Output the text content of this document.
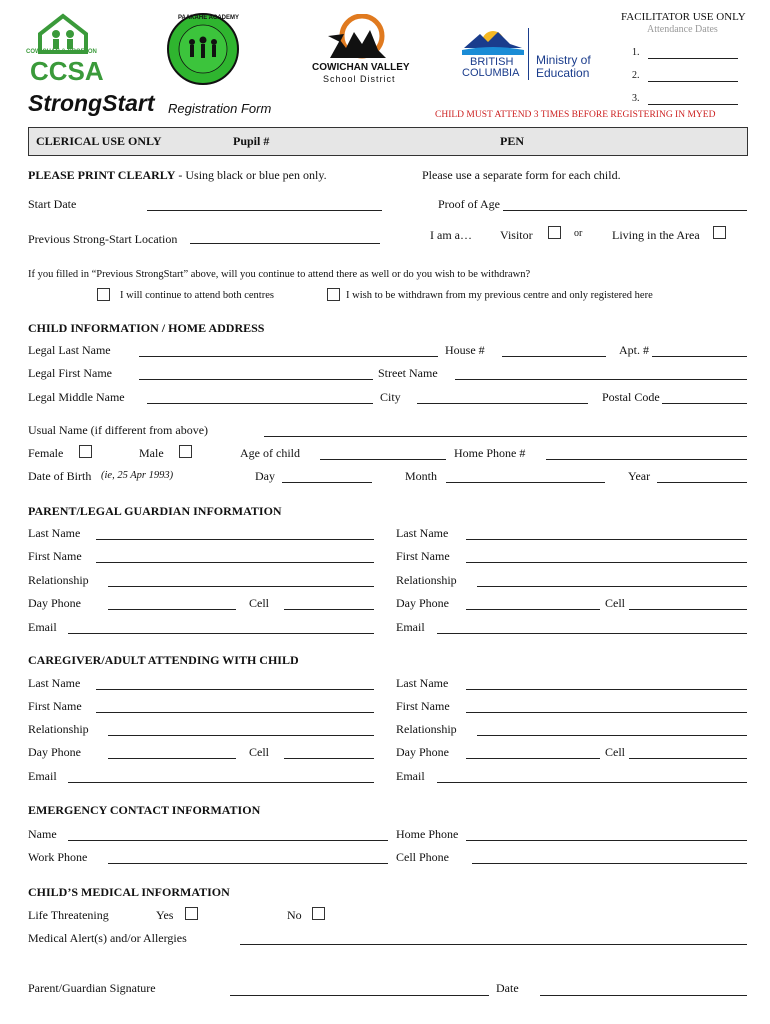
COWICHAN & CROFTON
CCSA
PAAKAHE ACADEMY
COWICHAN VALLEY
School District
BRITISH
COLUMBIA
Ministry of
Education
FACILITATOR USE ONLY
Attendance Dates
1.
2.
3.
StrongStart Registration Form	CHILD MUST ATTEND 3 TIMES BEFORE REGISTERING IN MYED
CLERICAL USE ONLY	Pupil #	PEN
PLEASE PRINT CLEARLY - Using black or blue pen only.	Please use a separate form for each child.
Start Date	Proof of Age
Previous Strong-Start Location	I am a… Visitor	or Living in the Area
If you filled in “Previous StrongStart” above, will you continue to attend there as well or do you wish to be withdrawn?
I will continue to attend both centres	I wish to be withdrawn from my previous centre and only registered here
CHILD INFORMATION / HOME ADDRESS
Legal Last Name	House #	Apt. #
Legal First Name	Street Name
Legal Middle Name	City	Postal Code
Usual Name (if different from above)
Female	Male	Age of child	Home Phone #
Date of Birth (ie, 25 Apr 1993)	Day	Month	Year
PARENT/LEGAL GUARDIAN INFORMATION
Last Name	Last Name
First Name	First Name
Relationship	Relationship
Day Phone	Cell	Day Phone	Cell
Email	Email
CAREGIVER/ADULT ATTENDING WITH CHILD
Last Name	Last Name
First Name	First Name
Relationship	Relationship
Day Phone	Cell	Day Phone	Cell
Email	Email
EMERGENCY CONTACT INFORMATION
Name	Home Phone
Work Phone	Cell Phone
CHILD’S MEDICAL INFORMATION
Life Threatening	Yes	No
Medical Alert(s) and/or Allergies
Parent/Guardian Signature	Date
